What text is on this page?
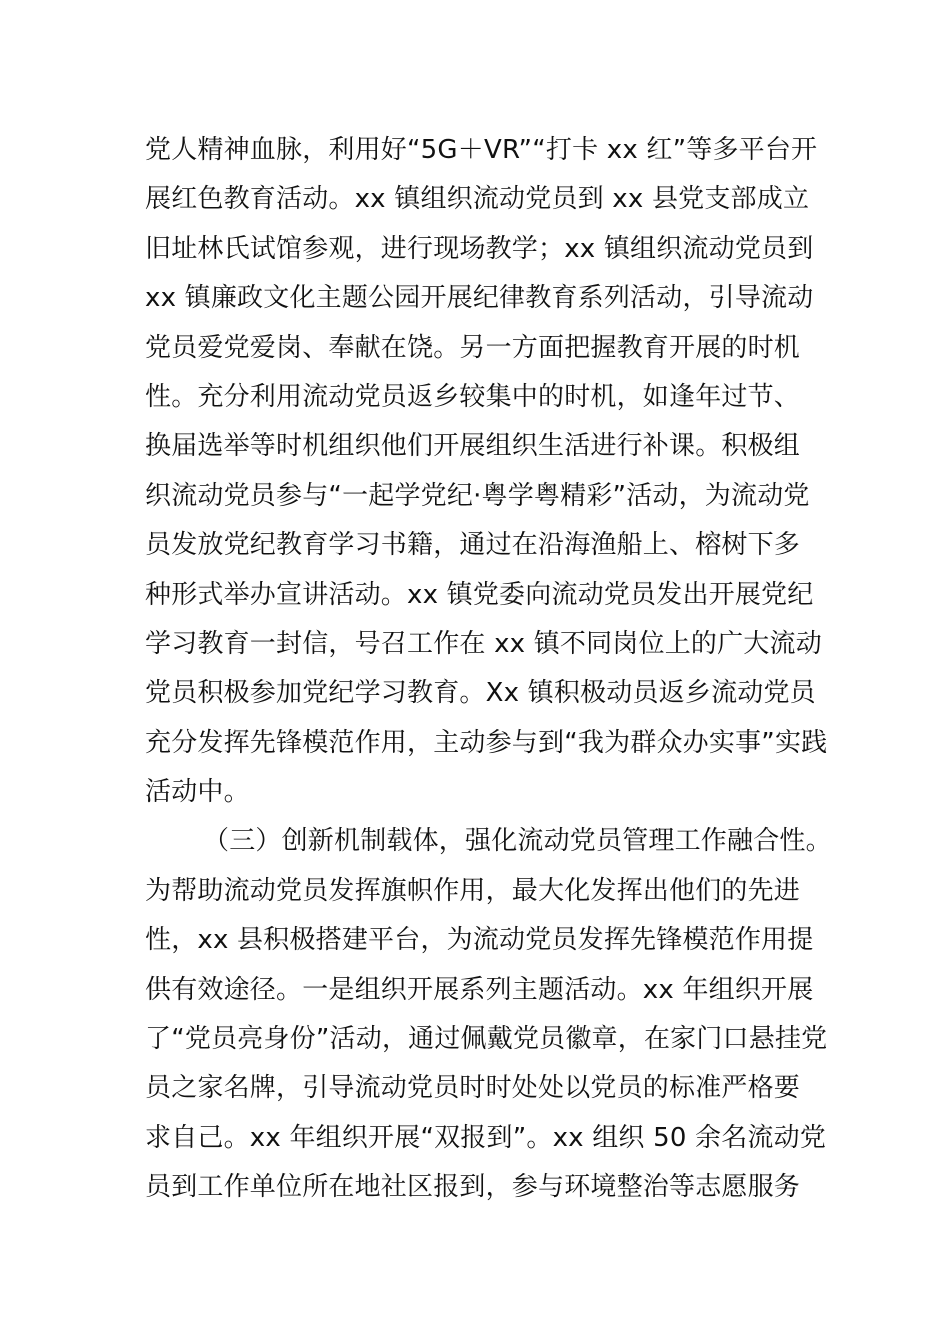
党人精神血脉，利用好“5G＋VR”“打卡 xx 红”等多平台开
展红色教育活动。xx 镇组织流动党员到 xx 县党支部成立
旧址林氏试馆参观，进行现场教学；xx 镇组织流动党员到
xx 镇廉政文化主题公园开展纪律教育系列活动，引导流动
党员爱党爱岗、奉献在饶。另一方面把握教育开展的时机
性。充分利用流动党员返乡较集中的时机，如逢年过节、
换届选举等时机组织他们开展组织生活进行补课。积极组
织流动党员参与“一起学党纪·粤学粤精彩”活动，为流动党
员发放党纪教育学习书籍，通过在沿海渔船上、榕树下多
种形式举办宣讲活动。xx 镇党委向流动党员发出开展党纪
学习教育一封信，号召工作在 xx 镇不同岗位上的广大流动
党员积极参加党纪学习教育。Xx 镇积极动员返乡流动党员
充分发挥先锋模范作用，主动参与到“我为群众办实事”实践
活动中。
（三）创新机制载体，强化流动党员管理工作融合性。
为帮助流动党员发挥旗帜作用，最大化发挥出他们的先进
性，xx 县积极搭建平台，为流动党员发挥先锋模范作用提
供有效途径。一是组织开展系列主题活动。xx 年组织开展
了“党员亮身份”活动，通过佩戴党员徽章，在家门口悬挂党
员之家名牌，引导流动党员时时处处以党员的标准严格要
求自己。xx 年组织开展“双报到”。xx 组织 50 余名流动党
员到工作单位所在地社区报到，参与环境整治等志愿服务
